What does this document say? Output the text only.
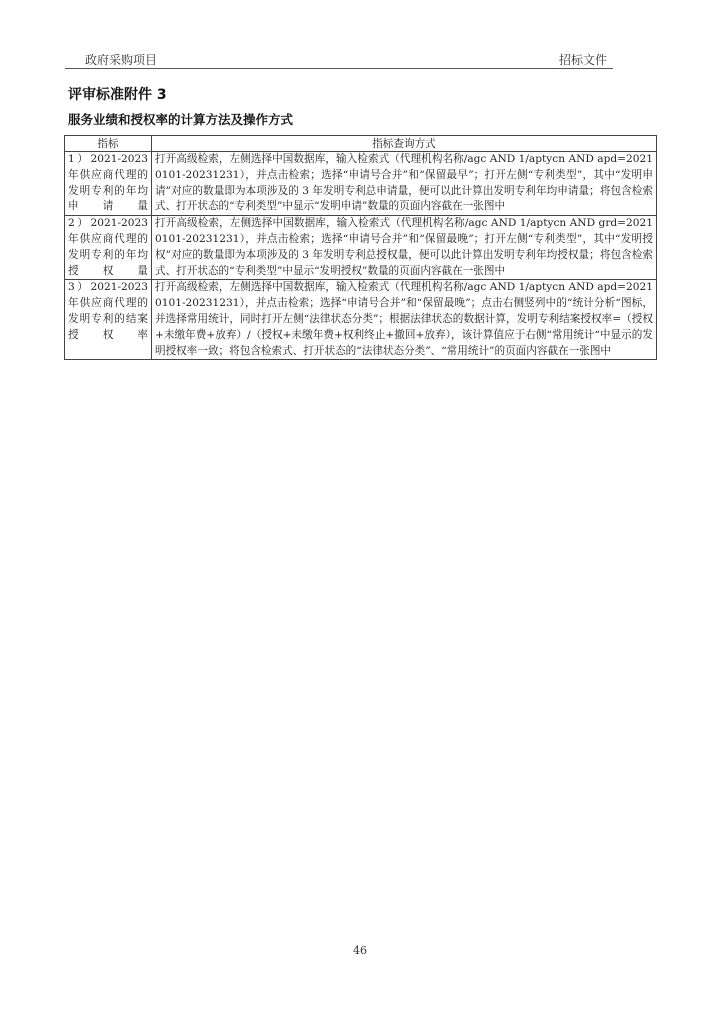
政府采购项目	招标文件
评审标准附件 3
服务业绩和授权率的计算方法及操作方式
指标	指标查询方式
1）2021-2023年供应商代理的发明专利的年均申请量	打开高级检索，左侧选择中国数据库，输入检索式（代理机构名称/agc AND 1/aptycn AND apd=20210101-20231231），并点击检索；选择“申请号合并”和“保留最早”；打开左侧“专利类型”，其中“发明申请”对应的数量即为本项涉及的 3 年发明专利总申请量，便可以此计算出发明专利年均申请量；将包含检索式、打开状态的“专利类型”中显示“发明申请”数量的页面内容截在一张图中
2）2021-2023年供应商代理的发明专利的年均授权量	打开高级检索，左侧选择中国数据库，输入检索式（代理机构名称/agc AND 1/aptycn AND grd=20210101-20231231），并点击检索；选择“申请号合并”和“保留最晚”；打开左侧“专利类型”，其中“发明授权”对应的数量即为本项涉及的 3 年发明专利总授权量，便可以此计算出发明专利年均授权量；将包含检索式、打开状态的“专利类型”中显示“发明授权”数量的页面内容截在一张图中
3）2021-2023年供应商代理的发明专利的结案授权率	打开高级检索，左侧选择中国数据库，输入检索式（代理机构名称/agc AND 1/aptycn AND apd=20210101-20231231），并点击检索；选择“申请号合并”和“保留最晚”；点击右侧竖列中的“统计分析“图标，并选择常用统计，同时打开左侧“法律状态分类”；根据法律状态的数据计算，发明专利结案授权率=（授权+未缴年费+放弃）/（授权+未缴年费+权利终止+撤回+放弃），该计算值应于右侧“常用统计“中显示的发明授权率一致；将包含检索式、打开状态的“法律状态分类”、“常用统计”的页面内容截在一张图中
46
